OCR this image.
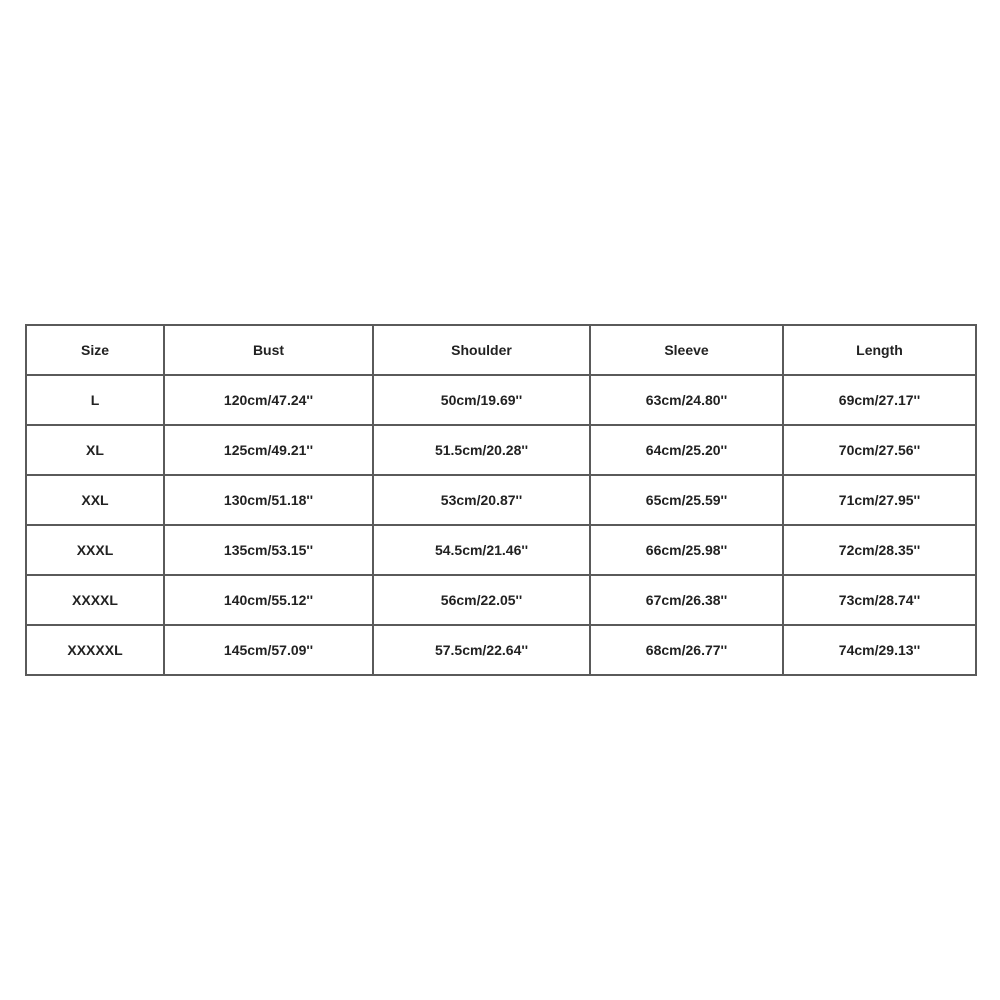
Size	Bust	Shoulder	Sleeve	Length
L	120cm/47.24''	50cm/19.69''	63cm/24.80''	69cm/27.17''
XL	125cm/49.21''	51.5cm/20.28''	64cm/25.20''	70cm/27.56''
XXL	130cm/51.18''	53cm/20.87''	65cm/25.59''	71cm/27.95''
XXXL	135cm/53.15''	54.5cm/21.46''	66cm/25.98''	72cm/28.35''
XXXXL	140cm/55.12''	56cm/22.05''	67cm/26.38''	73cm/28.74''
XXXXXL	145cm/57.09''	57.5cm/22.64''	68cm/26.77''	74cm/29.13''
